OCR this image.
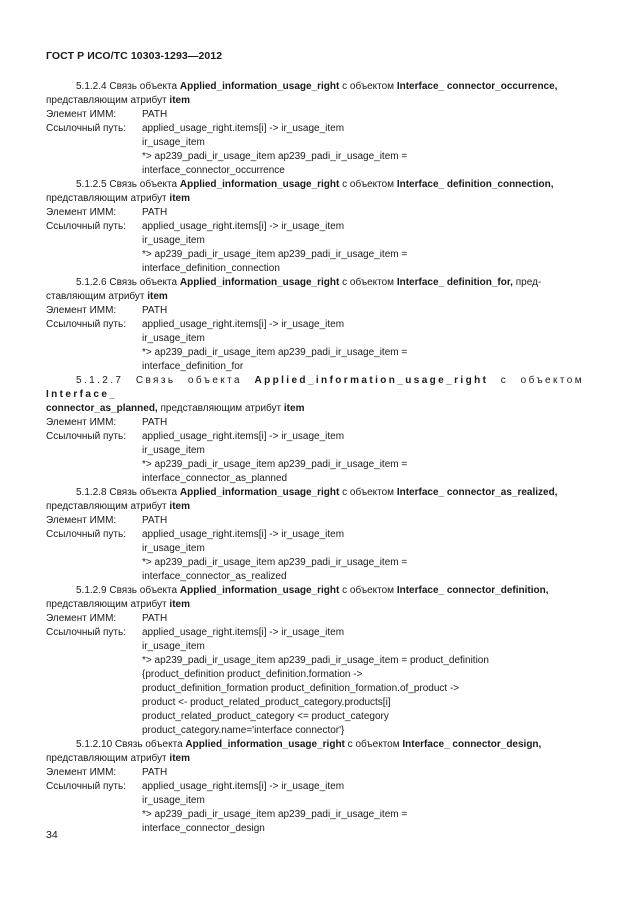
ГОСТ Р ИСО/ТС 10303-1293—2012

5.1.2.4 Связь объекта Applied_information_usage_right с объектом Interface_ connector_occurrence,
представляющим атрибут item

Элемент ИММ:	PATH
Ссылочный путь:	applied_usage_right.items[i] -> ir_usage_item
ir_usage_item
*> ap239_padi_ir_usage_item ap239_padi_ir_usage_item =
interface_connector_occurrence

5.1.2.5 Связь объекта Applied_information_usage_right с объектом Interface_ definition_connection,
представляющим атрибут item

Элемент ИММ:	PATH
Ссылочный путь:	applied_usage_right.items[i] -> ir_usage_item
ir_usage_item
*> ap239_padi_ir_usage_item ap239_padi_ir_usage_item =
interface_definition_connection

5.1.2.6 Связь объекта Applied_information_usage_right с объектом Interface_ definition_for, пред-
ставляющим атрибут item

Элемент ИММ:	PATH
Ссылочный путь:	applied_usage_right.items[i] -> ir_usage_item
ir_usage_item
*> ap239_padi_ir_usage_item ap239_padi_ir_usage_item =
interface_definition_for

5.1.2.7 Связь объекта Applied_information_usage_right с объектом Interface_

connector_as_planned, представляющим атрибут item

Элемент ИММ:	PATH
Ссылочный путь:	applied_usage_right.items[i] -> ir_usage_item
ir_usage_item
*> ap239_padi_ir_usage_item ap239_padi_ir_usage_item =
interface_connector_as_planned

5.1.2.8 Связь объекта Applied_information_usage_right с объектом Interface_ connector_as_realized,
представляющим атрибут item

Элемент ИММ:	PATH
Ссылочный путь:	applied_usage_right.items[i] -> ir_usage_item
ir_usage_item
*> ap239_padi_ir_usage_item ap239_padi_ir_usage_item =
interface_connector_as_realized

5.1.2.9 Связь объекта Applied_information_usage_right с объектом Interface_ connector_definition,
представляющим атрибут item

Элемент ИММ:	PATH
Ссылочный путь:	applied_usage_right.items[i] -> ir_usage_item
ir_usage_item
*> ap239_padi_ir_usage_item ap239_padi_ir_usage_item = product_definition
{product_definition product_definition.formation ->
product_definition_formation product_definition_formation.of_product ->
product <- product_related_product_category.products[i]
product_related_product_category <= product_category
product_category.name='interface connector'}

5.1.2.10 Связь объекта Applied_information_usage_right с объектом Interface_ connector_design,
представляющим атрибут item

Элемент ИММ:	PATH
Ссылочный путь:	applied_usage_right.items[i] -> ir_usage_item
ir_usage_item
*> ap239_padi_ir_usage_item ap239_padi_ir_usage_item =
interface_connector_design
34
